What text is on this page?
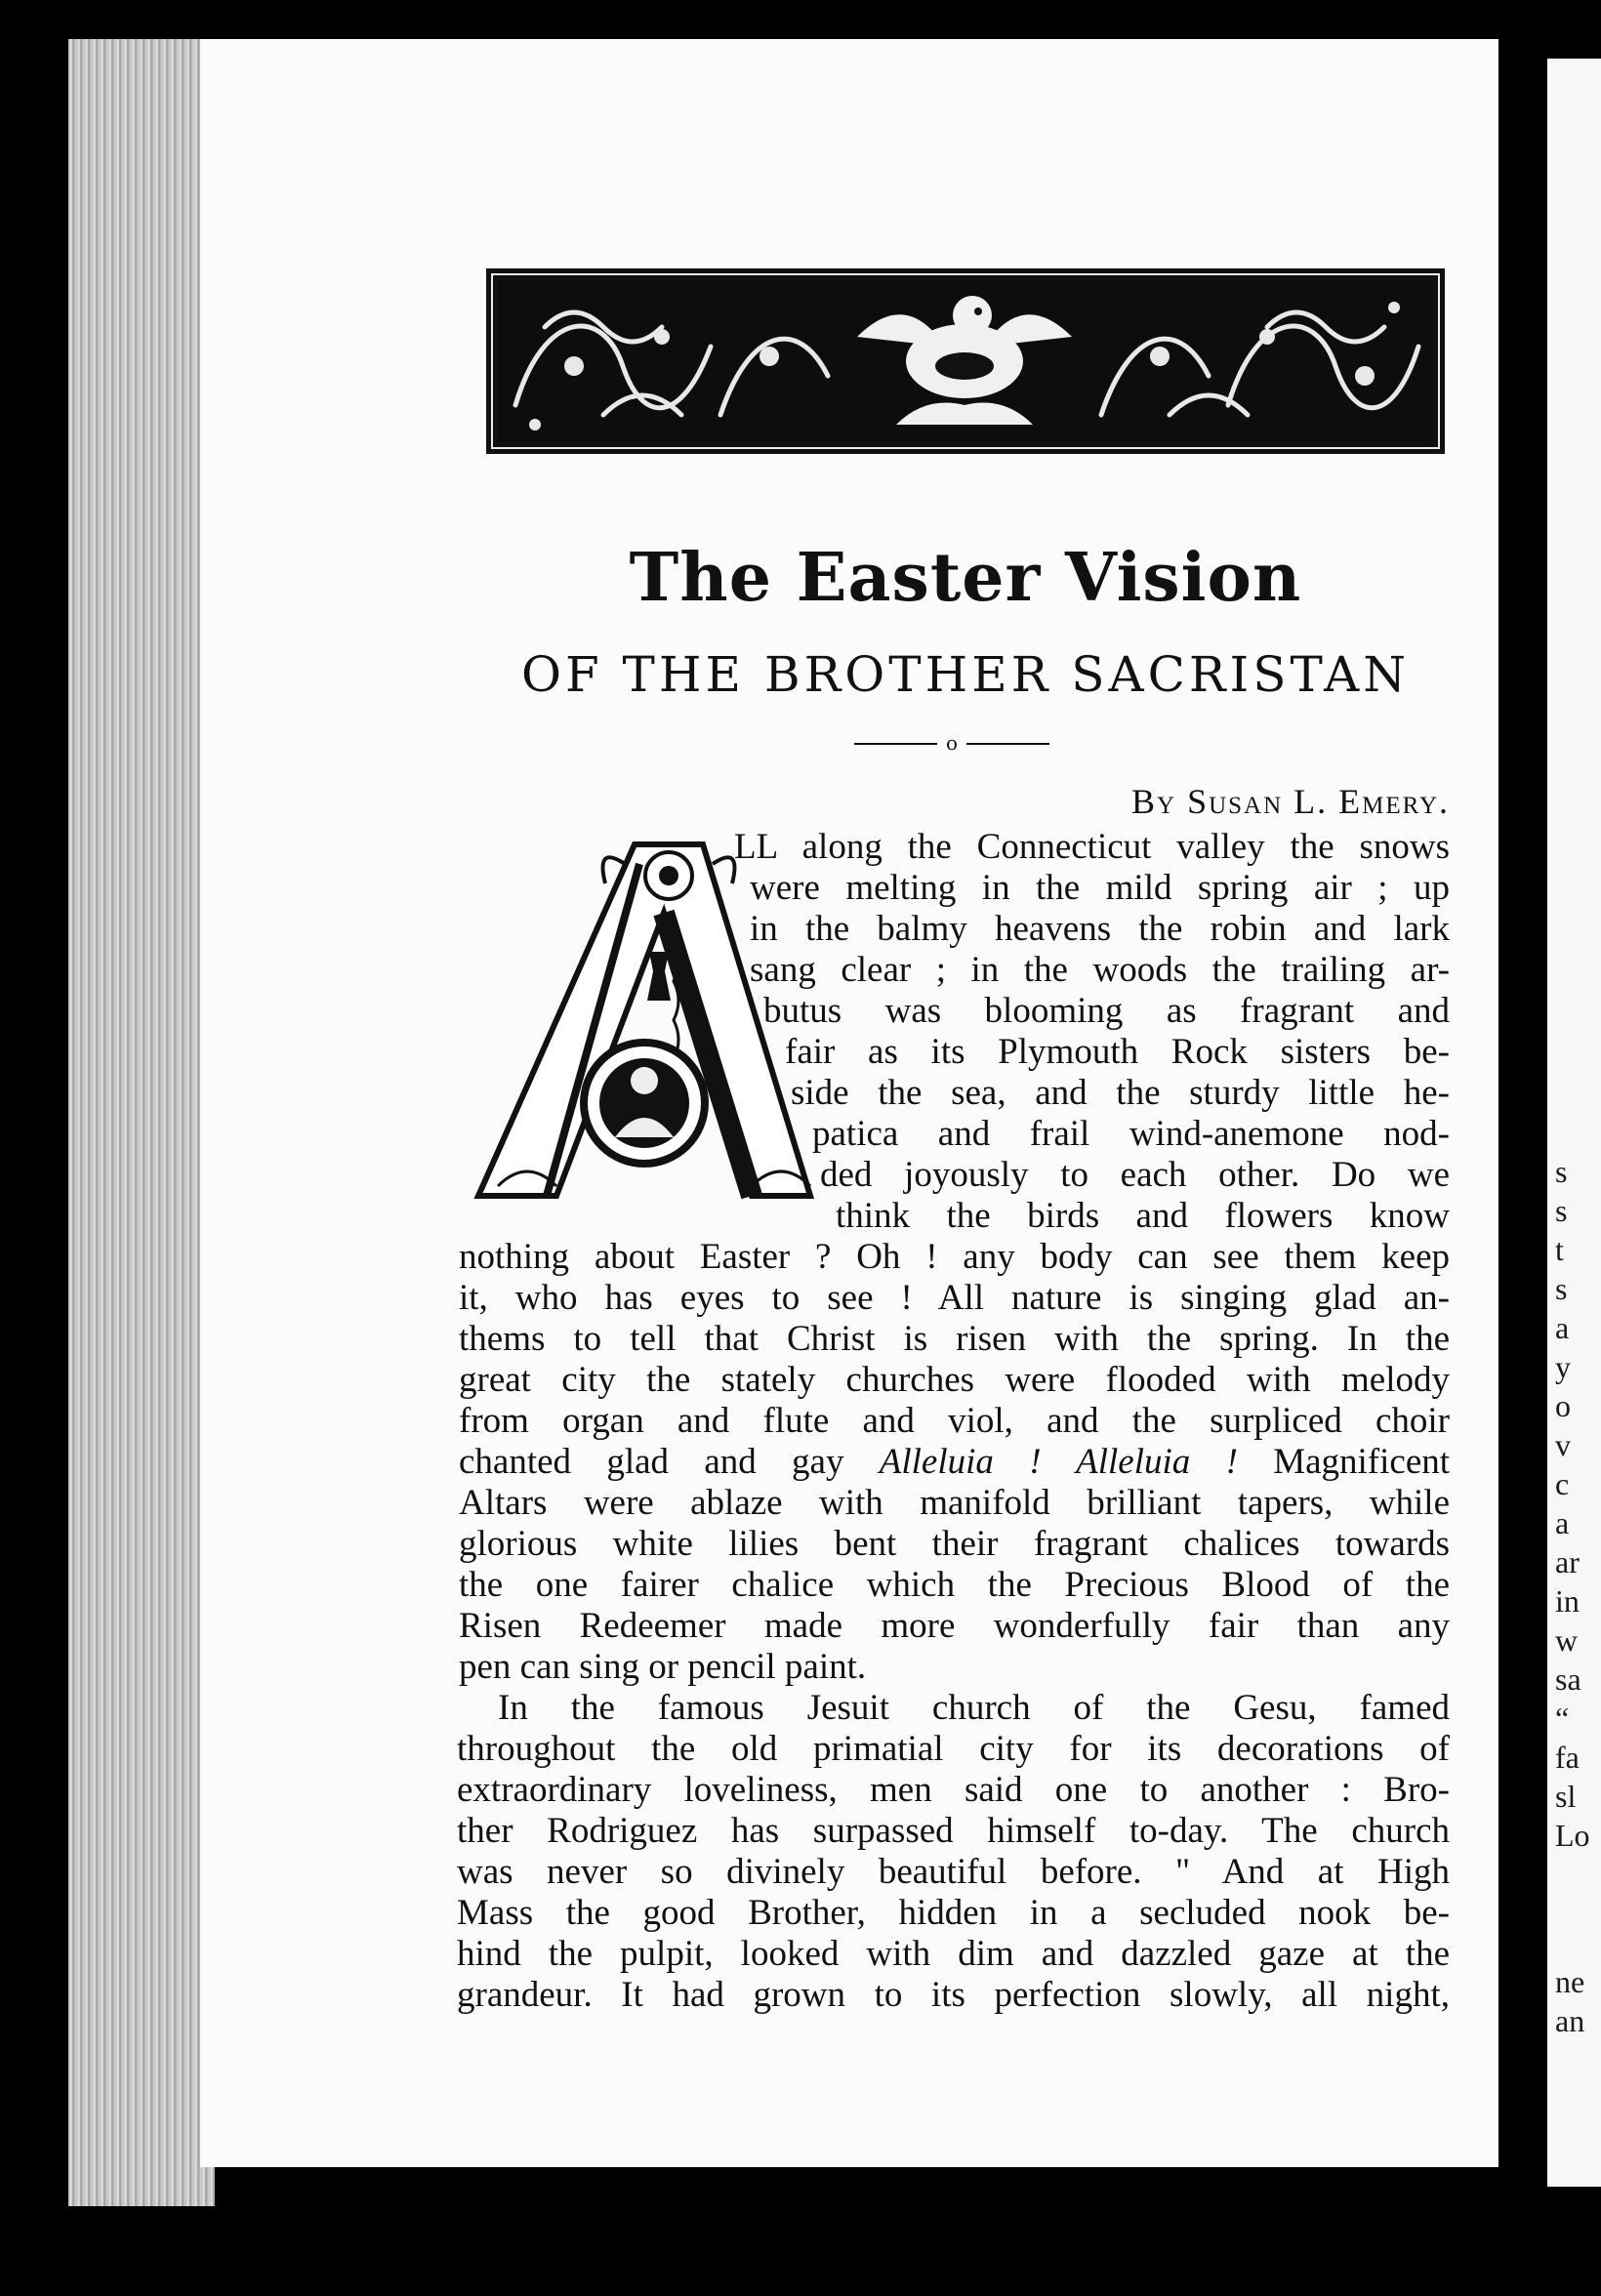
s
s
t
s
a
y
o
v
c
a
ar
in
w
sa
“
fa
sl
Lo
ne
an
The Easter Vision
OF THE BROTHER SACRISTAN
o
By Susan L. Emery.
LL along the Connecticut valley the snows
were melting in the mild spring air ; up
in the balmy heavens the robin and lark
sang clear ; in the woods the trailing ar-
butus was blooming as fragrant and
fair as its Plymouth Rock sisters be-
side the sea, and the sturdy little he-
patica and frail wind-anemone nod-
ded joyously to each other. Do we
think the birds and flowers know
nothing about Easter ? Oh ! any body can see them keep
it, who has eyes to see ! All nature is singing glad an-
thems to tell that Christ is risen with the spring. In the
great city the stately churches were flooded with melody
from organ and flute and viol, and the surpliced choir
chanted glad and gay Alleluia ! Alleluia ! Magnificent
Altars were ablaze with manifold brilliant tapers, while
glorious white lilies bent their fragrant chalices towards
the one fairer chalice which the Precious Blood of the
Risen Redeemer made more wonderfully fair than any
pen can sing or pencil paint.
In the famous Jesuit church of the Gesu, famed
throughout the old primatial city for its decorations of
extraordinary loveliness, men said one to another : Bro-
ther Rodriguez has surpassed himself to-day. The church
was never so divinely beautiful before. " And at High
Mass the good Brother, hidden in a secluded nook be-
hind the pulpit, looked with dim and dazzled gaze at the
grandeur. It had grown to its perfection slowly, all night,
